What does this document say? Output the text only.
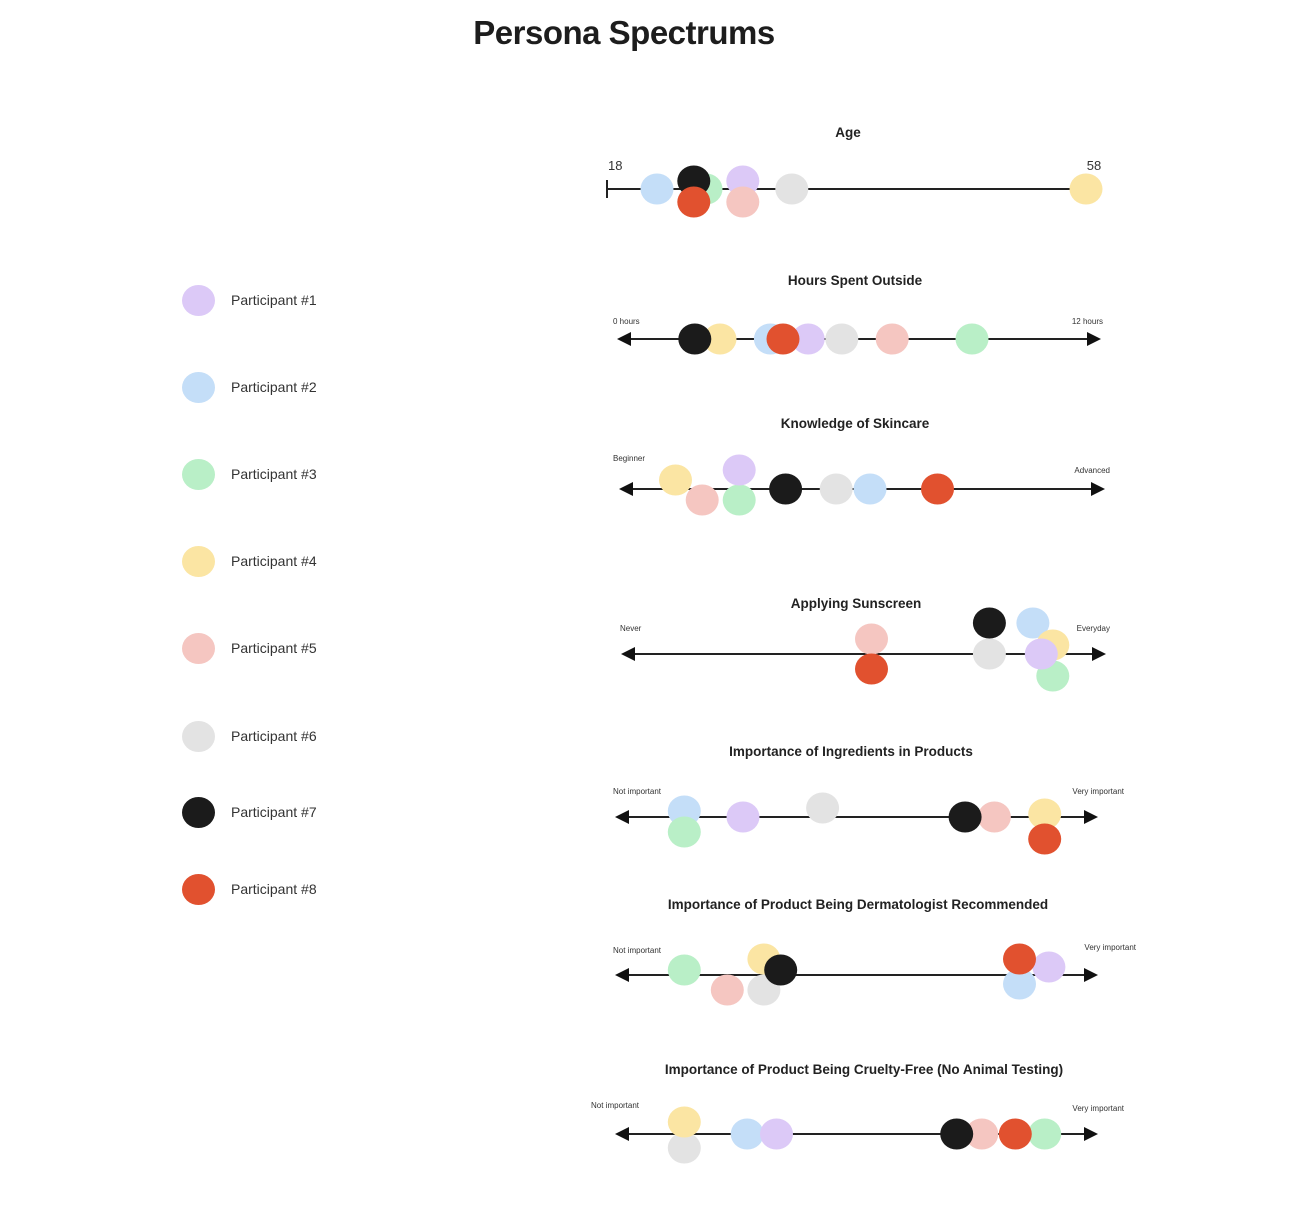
Persona Spectrums
Participant #1
Participant #2
Participant #3
Participant #4
Participant #5
Participant #6
Participant #7
Participant #8
Age
18	58
Hours Spent Outside
0 hours	12 hours
Knowledge of Skincare
Beginner
Advanced
Applying Sunscreen
Never	Everyday
Importance of Ingredients in Products
Not important	Very important
Importance of Product Being Dermatologist Recommended
Not important	Very important
Importance of Product Being Cruelty-Free (No Animal Testing)
Not important	Very important
